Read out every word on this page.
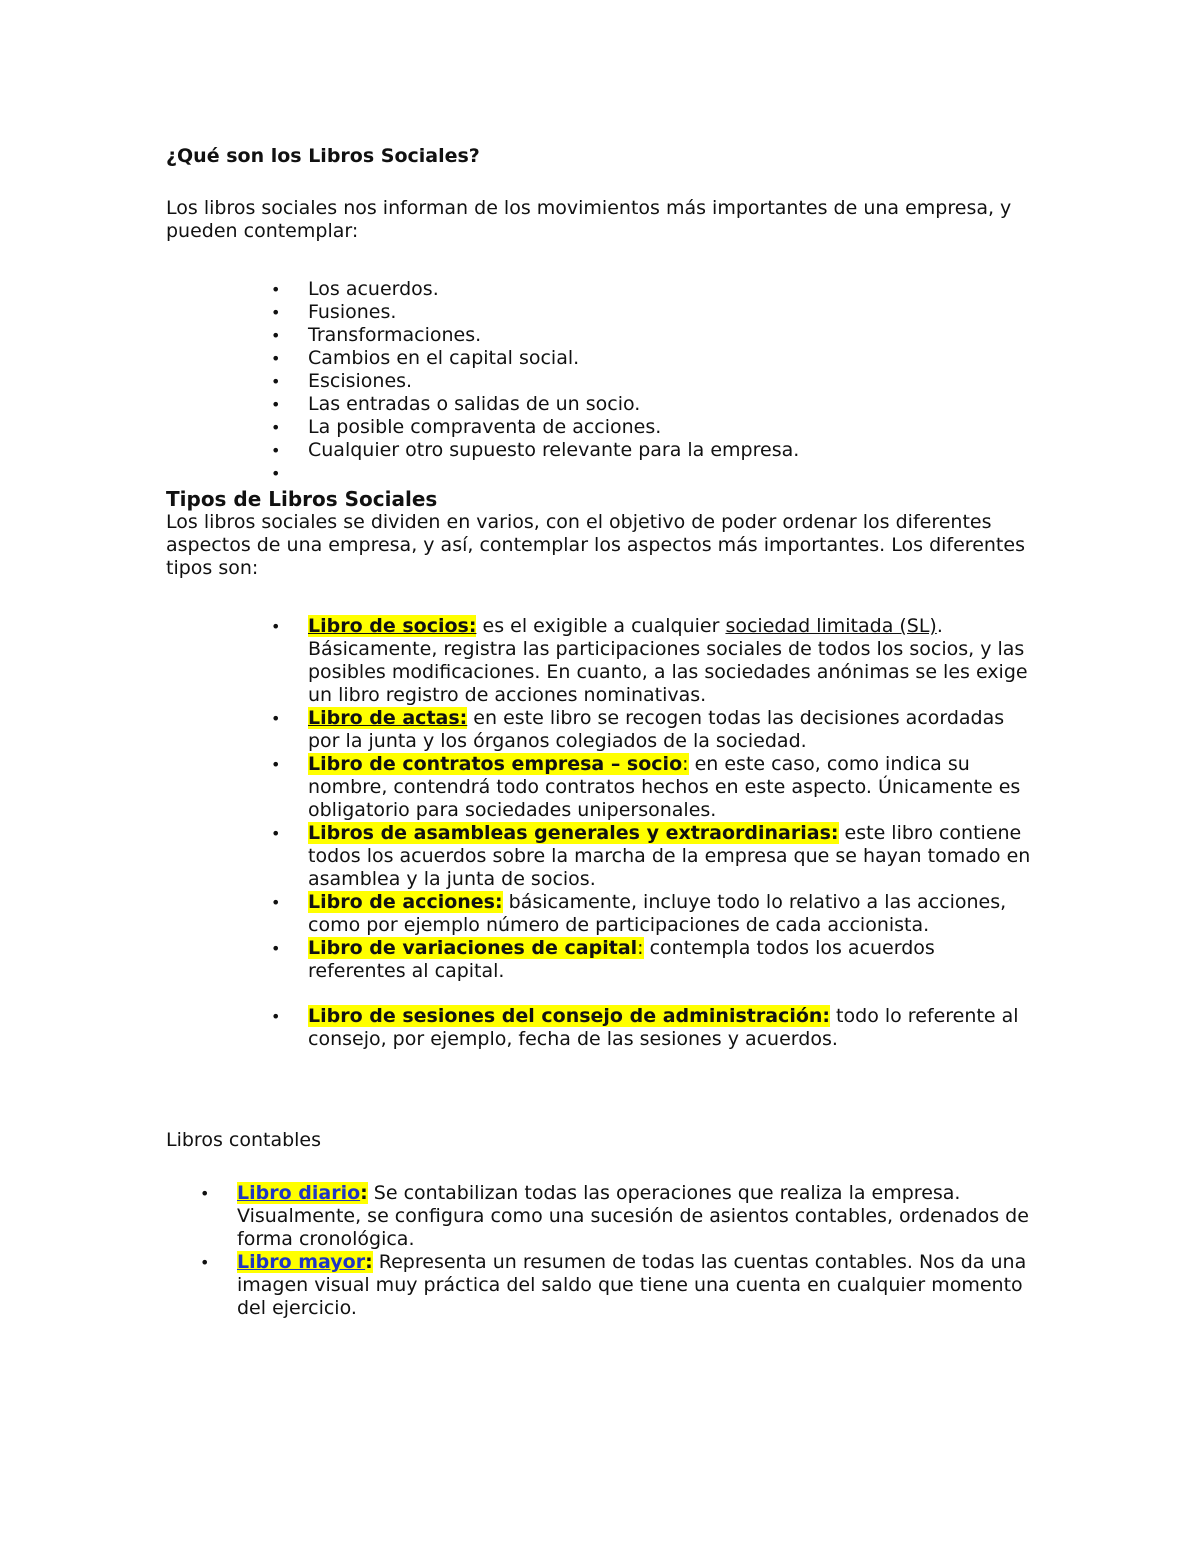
¿Qué son los Libros Sociales?

Los libros sociales nos informan de los movimientos más importantes de una empresa, y pueden contemplar:

• Los acuerdos.
• Fusiones.
• Transformaciones.
• Cambios en el capital social.
• Escisiones.
• Las entradas o salidas de un socio.
• La posible compraventa de acciones.
• Cualquier otro supuesto relevante para la empresa.
•

Tipos de Libros Sociales

Los libros sociales se dividen en varios, con el objetivo de poder ordenar los diferentes aspectos de una empresa, y así, contemplar los aspectos más importantes. Los diferentes tipos son:

• Libro de socios: es el exigible a cualquier sociedad limitada (SL). Básicamente, registra las participaciones sociales de todos los socios, y las posibles modificaciones. En cuanto, a las sociedades anónimas se les exige un libro registro de acciones nominativas.
• Libro de actas: en este libro se recogen todas las decisiones acordadas por la junta y los órganos colegiados de la sociedad.
• Libro de contratos empresa – socio: en este caso, como indica su nombre, contendrá todo contratos hechos en este aspecto. Únicamente es obligatorio para sociedades unipersonales.
• Libros de asambleas generales y extraordinarias: este libro contiene todos los acuerdos sobre la marcha de la empresa que se hayan tomado en asamblea y la junta de socios.
• Libro de acciones: básicamente, incluye todo lo relativo a las acciones, como por ejemplo número de participaciones de cada accionista.
• Libro de variaciones de capital: contempla todos los acuerdos referentes al capital.
• Libro de sesiones del consejo de administración: todo lo referente al consejo, por ejemplo, fecha de las sesiones y acuerdos.

Libros contables

• Libro diario: Se contabilizan todas las operaciones que realiza la empresa. Visualmente, se configura como una sucesión de asientos contables, ordenados de forma cronológica.
• Libro mayor: Representa un resumen de todas las cuentas contables. Nos da una imagen visual muy práctica del saldo que tiene una cuenta en cualquier momento del ejercicio.
